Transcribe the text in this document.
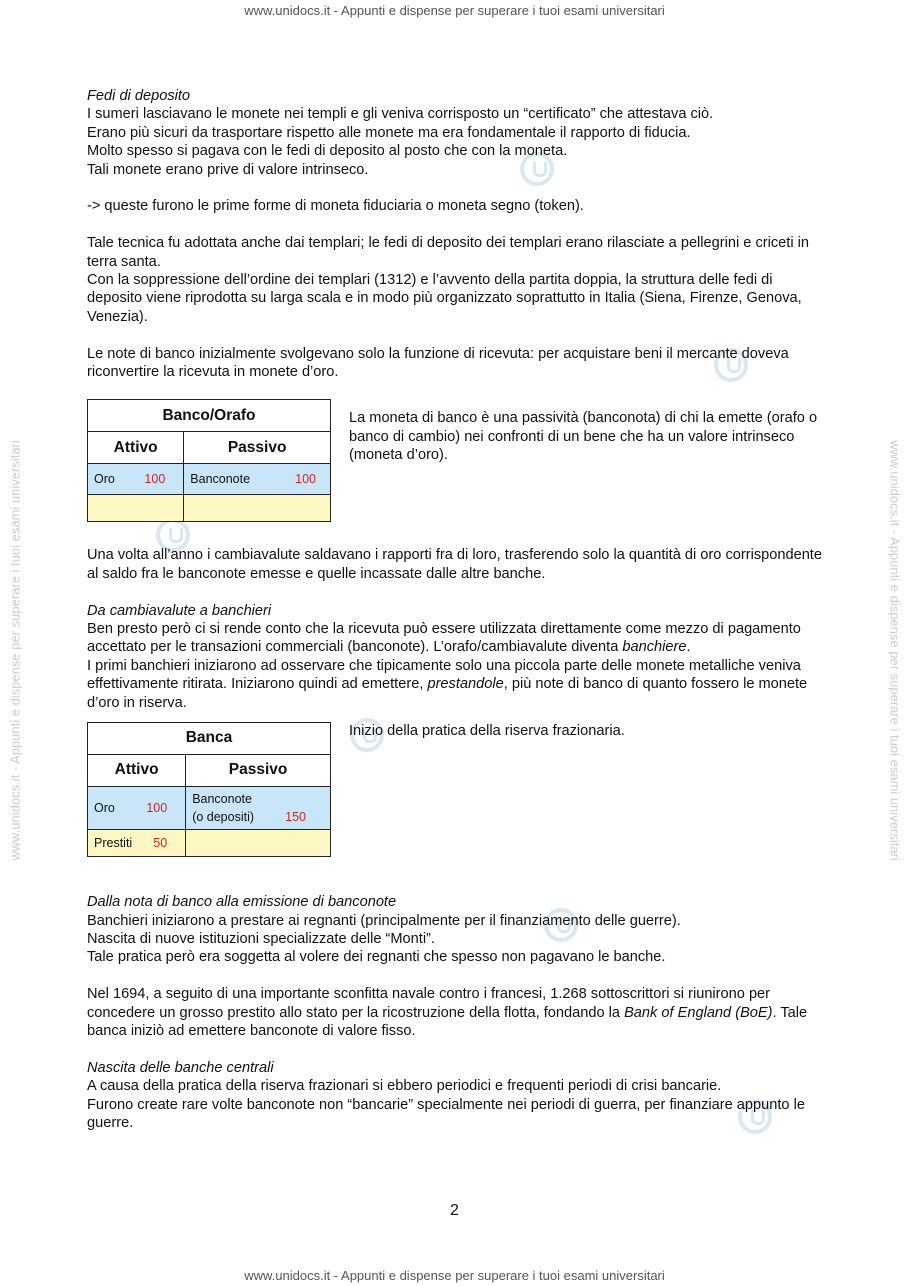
www.unidocs.it - Appunti e dispense per superare i tuoi esami universitari
www.unidocs.it - Appunti e dispense per superare i tuoi esami universitari
www.unidocs.it - Appunti e dispense per superare i tuoi esami universitari	www.unidocs.it - Appunti e dispense per superare i tuoi esami universitari

Fedi di deposito

I sumeri lasciavano le monete nei templi e gli veniva corrisposto un “certificato” che attestava ciò.

Erano più sicuri da trasportare rispetto alle monete ma era fondamentale il rapporto di fiducia.

Molto spesso si pagava con le fedi di deposito al posto che con la moneta.

Tali monete erano prive di valore intrinseco.

-> queste furono le prime forme di moneta fiduciaria o moneta segno (token).

Tale tecnica fu adottata anche dai templari; le fedi di deposito dei templari erano rilasciate a pellegrini e criceti in terra santa.

Con la soppressione dell’ordine dei templari (1312) e l’avvento della partita doppia, la struttura delle fedi di deposito viene riprodotta su larga scala e in modo più organizzato soprattutto in Italia (Siena, Firenze, Genova, Venezia).

Le note di banco inizialmente svolgevano solo la funzione di ricevuta: per acquistare beni il mercante doveva riconvertire la ricevuta in monete d’oro.

Banco/Orafo	
Attivo	Passivo

Oro 100	Banconote 100

La moneta di banco è una passività (banconota) di chi la emette (orafo o banco di cambio) nei confronti di un bene che ha un valore intrinseco (moneta d’oro).

Una volta all’anno i cambiavalute saldavano i rapporti fra di loro, trasferendo solo la quantità di oro corrispondente al saldo fra le banconote emesse e quelle incassate dalle altre banche.

Da cambiavalute a banchieri

Ben presto però ci si rende conto che la ricevuta può essere utilizzata direttamente come mezzo di pagamento accettato per le transazioni commerciali (banconote). L’orafo/cambiavalute diventa banchiere.

I primi banchieri iniziarono ad osservare che tipicamente solo una piccola parte delle monete metalliche veniva effettivamente ritirata. Iniziarono quindi ad emettere, prestandole, più note di banco di quanto fossero le monete d’oro in riserva.

Banca	
Attivo	Passivo

Oro 100	Banconote
(o depositi) 150

Prestiti 50	

Inizio della pratica della riserva frazionaria.

Dalla nota di banco alla emissione di banconote

Banchieri iniziarono a prestare ai regnanti (principalmente per il finanziamento delle guerre).

Nascita di nuove istituzioni specializzate delle “Monti”.

Tale pratica però era soggetta al volere dei regnanti che spesso non pagavano le banche.

Nel 1694, a seguito di una importante sconfitta navale contro i francesi, 1.268 sottoscrittori si riunirono per concedere un grosso prestito allo stato per la ricostruzione della flotta, fondando la Bank of England (BoE). Tale banca iniziò ad emettere banconote di valore fisso.

Nascita delle banche centrali

A causa della pratica della riserva frazionari si ebbero periodici e frequenti periodi di crisi bancarie.

Furono create rare volte banconote non “bancarie” specialmente nei periodi di guerra, per finanziare appunto le guerre.

2
